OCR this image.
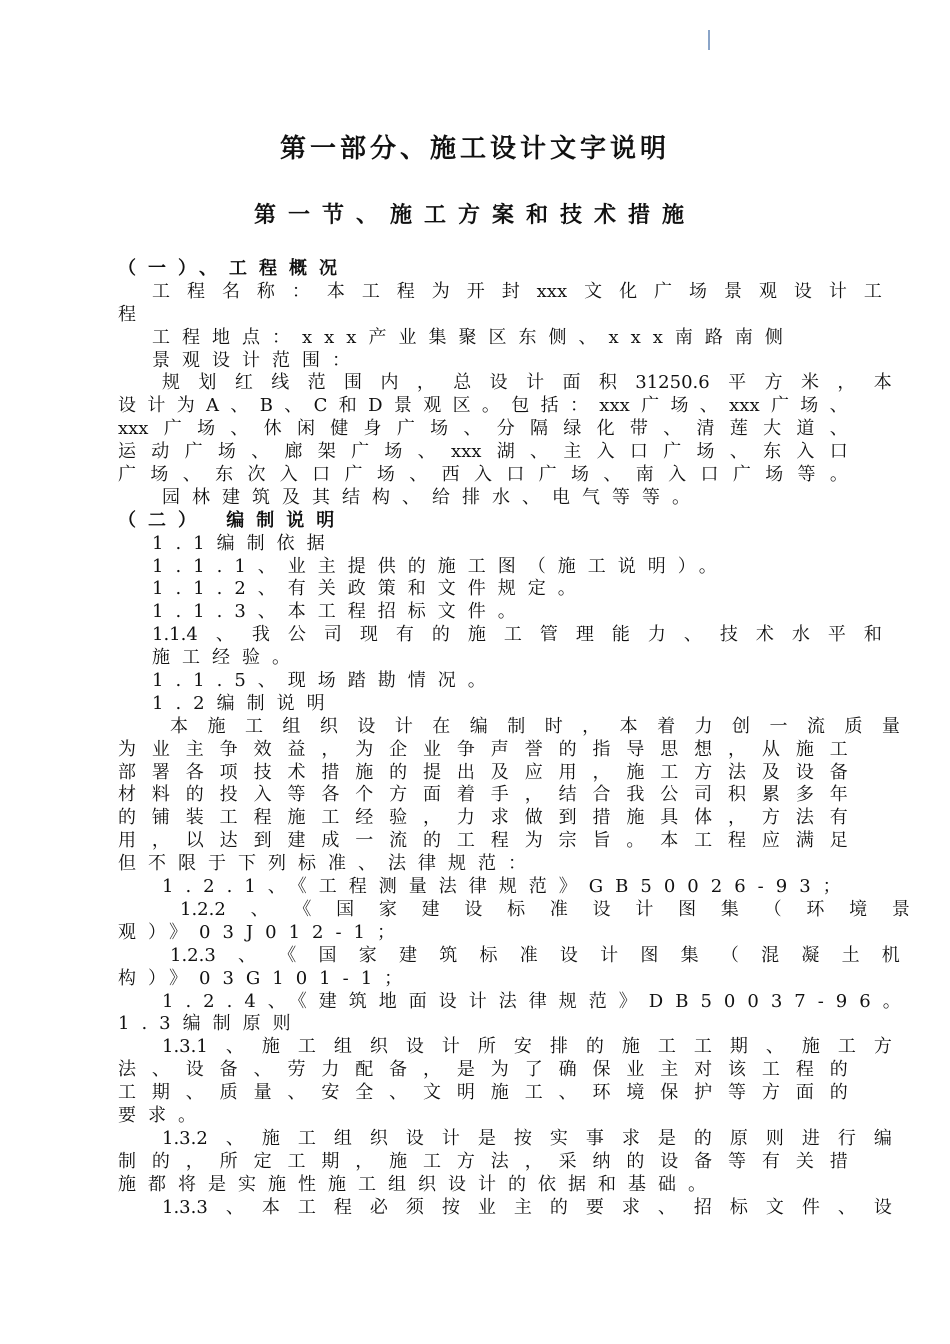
第一部分、施工设计文字说明
第一节、施工方案和技术措施
（一）、工程概况
工 程 名 称 ： 本 工 程 为 开 封 xxx 文 化 广 场 景 观 设 计 工
程
工程地点：xxx产业集聚区东侧、xxx南路南侧
景观设计范围：
规 划 红 线 范 围 内 ， 总 设 计 面 积 31250.6 平 方 米 ， 本
设 计 为 A 、 B 、 C 和 D 景 观 区 。 包 括 ： xxx 广 场 、 xxx 广 场 、
xxx 广 场 、 休 闲 健 身 广 场 、 分 隔 绿 化 带 、 清 莲 大 道 、
运 动 广 场 、 廊 架 广 场 、 xxx 湖 、 主 入 口 广 场 、 东 入 口
广 场 、 东 次 入 口 广 场 、 西 入 口 广 场 、 南 入 口 广 场 等 。
园林建筑及其结构、给排水、电气等等。
（二） 编制说明
1.1编制依据
1.1.1、业主提供的施工图（施工说明）。
1.1.2、有关政策和文件规定。
1.1.3、本工程招标文件。
1.1.4 、 我 公 司 现 有 的 施 工 管 理 能 力 、 技 术 水 平 和
施工经验。
1.1.5、现场踏勘情况。
1.2编制说明
本 施 工 组 织 设 计 在 编 制 时 ， 本 着 力 创 一 流 质 量
为 业 主 争 效 益 ， 为 企 业 争 声 誉 的 指 导 思 想 ， 从 施 工
部 署 各 项 技 术 措 施 的 提 出 及 应 用 ， 施 工 方 法 及 设 备
材 料 的 投 入 等 各 个 方 面 着 手 ， 结 合 我 公 司 积 累 多 年
的 铺 装 工 程 施 工 经 验 ， 力 求 做 到 措 施 具 体 ， 方 法 有
用 ， 以 达 到 建 成 一 流 的 工 程 为 宗 旨 。 本 工 程 应 满 足
但不限于下列标准、法律规范：
1.2.1、《工程测量法律规范》GB50026-93；
1.2.2 、 《 国 家 建 设 标 准 设 计 图 集 （ 环 境 景
观）》03J012-1；
1.2.3 、 《 国 家 建 筑 标 准 设 计 图 集 （ 混 凝 土 机
构）》03G101-1；
1.2.4、《建筑地面设计法律规范》DB50037-96。
1.3编制原则
1.3.1 、 施 工 组 织 设 计 所 安 排 的 施 工 工 期 、 施 工 方
法 、 设 备 、 劳 力 配 备 ， 是 为 了 确 保 业 主 对 该 工 程 的
工 期 、 质 量 、 安 全 、 文 明 施 工 、 环 境 保 护 等 方 面 的
要求。
1.3.2 、 施 工 组 织 设 计 是 按 实 事 求 是 的 原 则 进 行 编
制 的 ， 所 定 工 期 ， 施 工 方 法 ， 采 纳 的 设 备 等 有 关 措
施都将是实施性施工组织设计的依据和基础。
1.3.3 、 本 工 程 必 须 按 业 主 的 要 求 、 招 标 文 件 、 设
